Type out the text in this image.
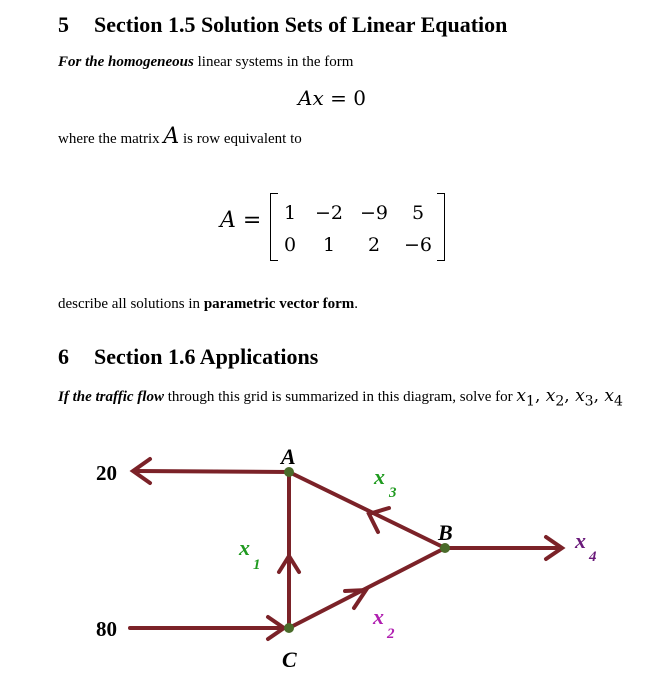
5 Section 1.5 Solution Sets of Linear Equation
For the homogeneous linear systems in the form
Ax = 0
where the matrix A is row equivalent to
A =	1 −2 −9	5
0	1	2	−6
describe all solutions in parametric vector form.
6 Section 1.6 Applications
If the traffic flow through this grid is summarized in this diagram, solve for $x_1$, $x_2$, $x_3$, $x_4$
A
B
C
20
80
x
1
x
2
x
3
x
4
